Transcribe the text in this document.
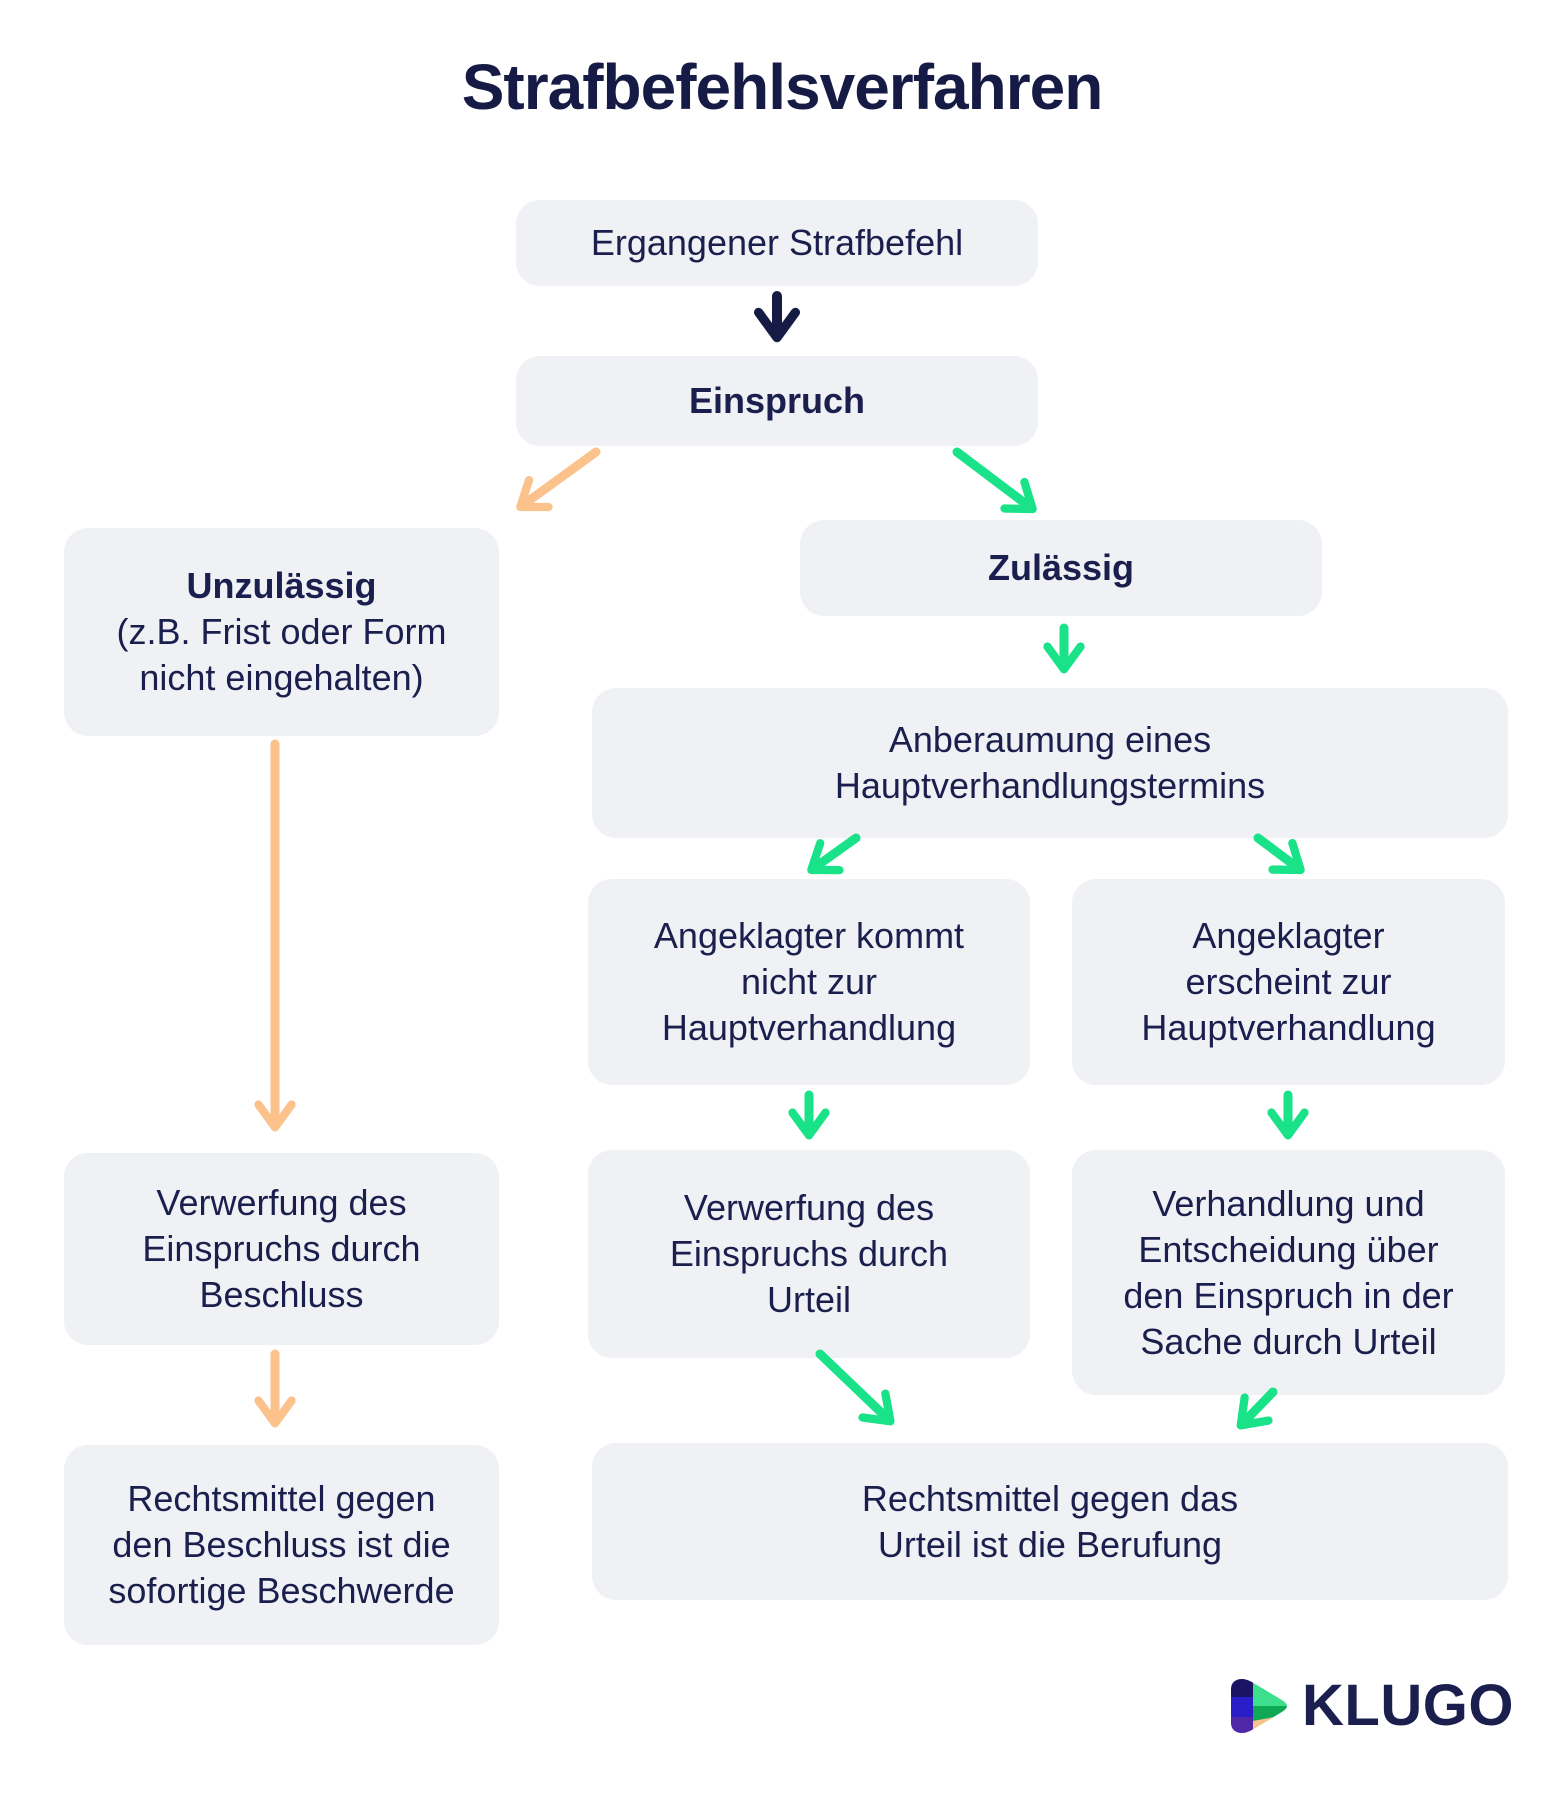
Strafbefehlsverfahren
Ergangener Strafbefehl
Einspruch
Unzulässig
(z.B. Frist oder Form
nicht eingehalten)
Zulässig
Anberaumung eines
Hauptverhandlungstermins
Angeklagter kommt
nicht zur
Hauptverhandlung
Angeklagter
erscheint zur
Hauptverhandlung
Verwerfung des
Einspruchs durch
Beschluss
Verwerfung des
Einspruchs durch
Urteil
Verhandlung und
Entscheidung über
den Einspruch in der
Sache durch Urteil
Rechtsmittel gegen
den Beschluss ist die
sofortige Beschwerde
Rechtsmittel gegen das
Urteil ist die Berufung
KLUGO
